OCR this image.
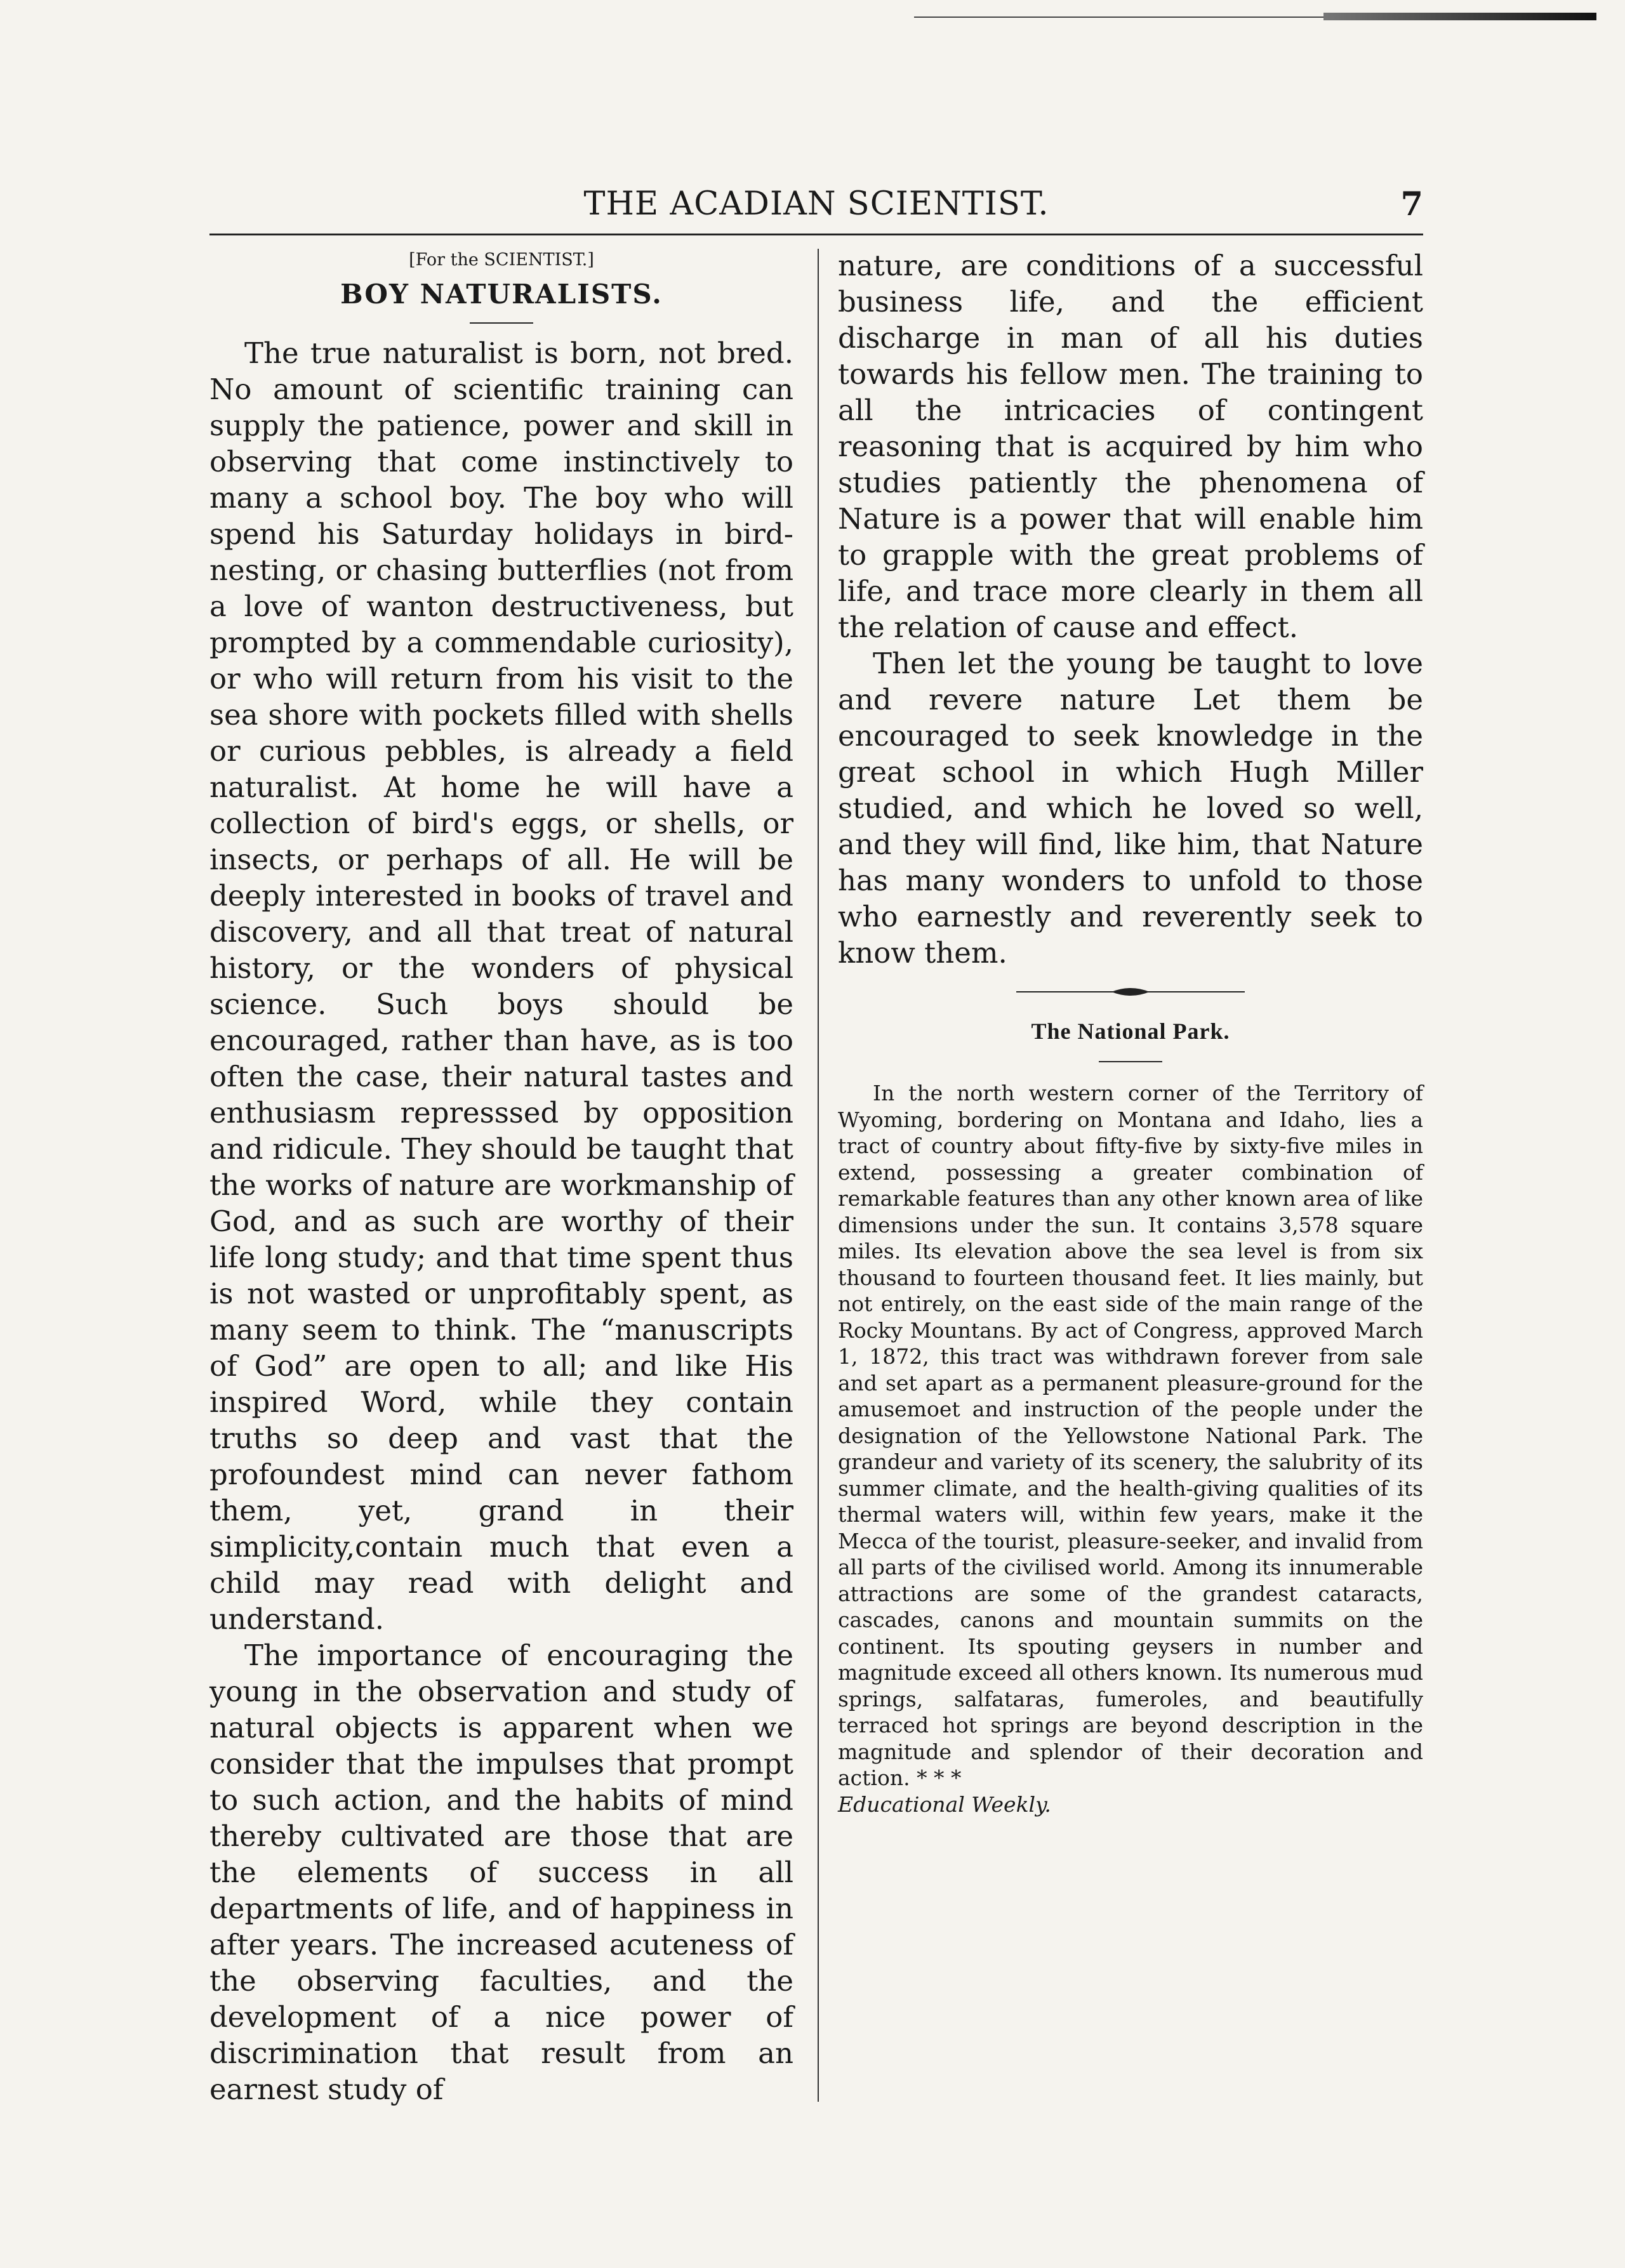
THE ACADIAN SCIENTIST.	7
[For the SCIENTIST.]
BOY NATURALISTS.

The true naturalist is born, not bred. No amount of scientific training can supply the patience, power and skill in observing that come instinctively to many a school boy. The boy who will spend his Saturday holidays in bird-nesting, or chasing butterflies (not from a love of wanton destructiveness, but prompted by a commendable curiosity), or who will return from his visit to the sea shore with pockets filled with shells or curious pebbles, is already a field naturalist. At home he will have a collection of bird's eggs, or shells, or insects, or perhaps of all. He will be deeply interested in books of travel and discovery, and all that treat of natural history, or the wonders of physical science. Such boys should be encouraged, rather than have, as is too often the case, their natural tastes and enthusiasm represssed by opposition and ridicule. They should be taught that the works of nature are workmanship of God, and as such are worthy of their life long study; and that time spent thus is not wasted or unprofitably spent, as many seem to think. The “manuscripts of God” are open to all; and like His inspired Word, while they contain truths so deep and vast that the profoundest mind can never fathom them, yet, grand in their simplicity,contain much that even a child may read with delight and understand.

The importance of encouraging the young in the observation and study of natural objects is apparent when we consider that the impulses that prompt to such action, and the habits of mind thereby cultivated are those that are the elements of success in all departments of life, and of happiness in after years. The increased acuteness of the observing faculties, and the development of a nice power of discrimination that result from an earnest study of

nature, are conditions of a successful business life, and the efficient discharge in man of all his duties towards his fellow men. The training to all the intricacies of contingent reasoning that is acquired by him who studies patiently the phenomena of Nature is a power that will enable him to grapple with the great problems of life, and trace more clearly in them all the relation of cause and effect.

Then let the young be taught to love and revere nature Let them be encouraged to seek knowledge in the great school in which Hugh Miller studied, and which he loved so well, and they will find, like him, that Nature has many wonders to unfold to those who earnestly and reverently seek to know them.

The National Park.

In the north western corner of the Territory of Wyoming, bordering on Montana and Idaho, lies a tract of country about fifty-five by sixty-five miles in extend, possessing a greater combination of remarkable features than any other known area of like dimensions under the sun. It contains 3,578 square miles. Its elevation above the sea level is from six thousand to fourteen thousand feet. It lies mainly, but not entirely, on the east side of the main range of the Rocky Mountans. By act of Congress, approved March 1, 1872, this tract was withdrawn forever from sale and set apart as a permanent pleasure-ground for the amusemoet and instruction of the people under the designation of the Yellowstone National Park. The grandeur and variety of its scenery, the salubrity of its summer climate, and the health-giving qualities of its thermal waters will, within few years, make it the Mecca of the tourist, pleasure-seeker, and invalid from all parts of the civilised world. Among its innumerable attractions are some of the grandest cataracts, cascades, canons and mountain summits on the continent. Its spouting geysers in number and magnitude exceed all others known. Its numerous mud springs, salfataras, fumeroles, and beautifully terraced hot springs are beyond description in the magnitude and splendor of their decoration and action. * * *

Educational Weekly.
